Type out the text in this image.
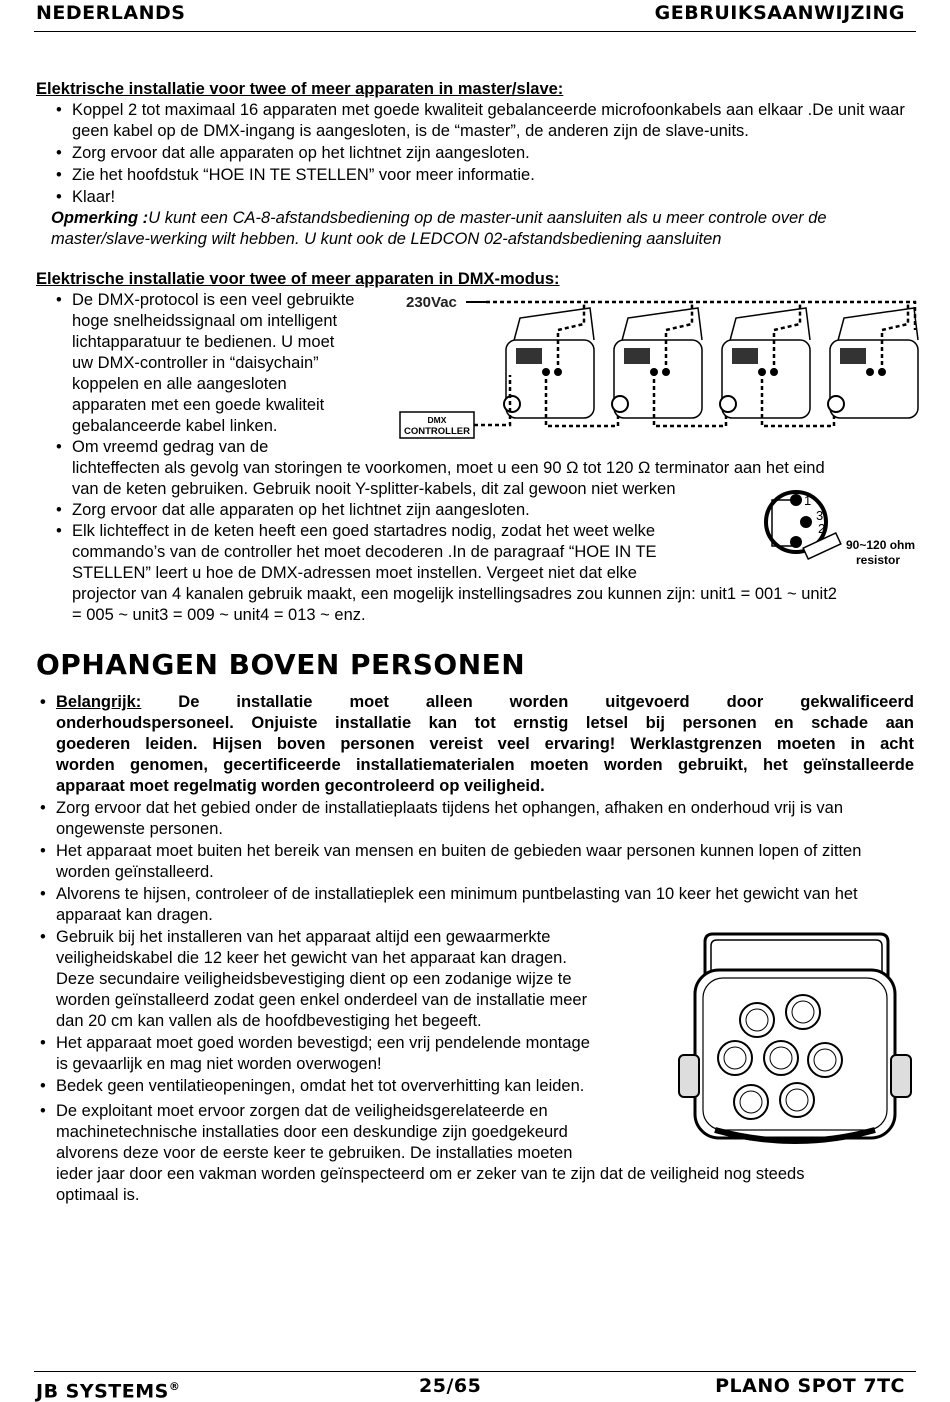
NEDERLANDS	GEBRUIKSAANWIJZING
Elektrische installatie voor twee of meer apparaten in master/slave:
• Koppel 2 tot maximaal 16 apparaten met goede kwaliteit gebalanceerde microfoonkabels aan elkaar .De unit waar geen kabel op de DMX-ingang is aangesloten, is de “master”, de anderen zijn de slave-units.
• Zorg ervoor dat alle apparaten op het lichtnet zijn aangesloten.
• Zie het hoofdstuk “HOE IN TE STELLEN” voor meer informatie.
• Klaar!
Opmerking :U kunt een CA-8-afstandsbediening op de master-unit aansluiten als u meer controle over de master/slave-werking wilt hebben. U kunt ook de LEDCON 02-afstandsbediening aansluiten
Elektrische installatie voor twee of meer apparaten in DMX-modus:
• De DMX-protocol is een veel gebruikte
hoge snelheidssignaal om intelligent
lichtapparatuur te bedienen. U moet
uw DMX-controller in “daisychain”
koppelen en alle aangesloten
apparaten met een goede kwaliteit
gebalanceerde kabel linken.
• Om vreemd gedrag van de
lichteffecten als gevolg van storingen te voorkomen, moet u een 90 Ω tot 120 Ω terminator aan het eind
van de keten gebruiken. Gebruik nooit Y-splitter-kabels, dit zal gewoon niet werken
• Zorg ervoor dat alle apparaten op het lichtnet zijn aangesloten.
• Elk lichteffect in de keten heeft een goed startadres nodig, zodat het weet welke
commando’s van de controller het moet decoderen .In de paragraaf “HOE IN TE
STELLEN” leert u hoe de DMX-adressen moet instellen. Vergeet niet dat elke
projector van 4 kanalen gebruik maakt, een mogelijk instellingsadres zou kunnen zijn: unit1 = 001 ~ unit2
= 005 ~ unit3 = 009 ~ unit4 = 013 ~ enz.
230Vac
DMX
CONTROLLER
1
3
2
90~120 ohm
resistor
OPHANGEN BOVEN PERSONEN
• Belangrijk: De installatie moet alleen worden uitgevoerd door gekwalificeerd
onderhoudspersoneel. Onjuiste installatie kan tot ernstig letsel bij personen en schade aan
goederen leiden. Hijsen boven personen vereist veel ervaring! Werklastgrenzen moeten in acht
worden genomen, gecertificeerde installatiematerialen moeten worden gebruikt, het geïnstalleerde
apparaat moet regelmatig worden gecontroleerd op veiligheid.
• Zorg ervoor dat het gebied onder de installatieplaats tijdens het ophangen, afhaken en onderhoud vrij is van ongewenste personen.
• Het apparaat moet buiten het bereik van mensen en buiten de gebieden waar personen kunnen lopen of zitten worden geïnstalleerd.
• Alvorens te hijsen, controleer of de installatieplek een minimum puntbelasting van 10 keer het gewicht van het apparaat kan dragen.
• Gebruik bij het installeren van het apparaat altijd een gewaarmerkte
veiligheidskabel die 12 keer het gewicht van het apparaat kan dragen.
Deze secundaire veiligheidsbevestiging dient op een zodanige wijze te
worden geïnstalleerd zodat geen enkel onderdeel van de installatie meer
dan 20 cm kan vallen als de hoofdbevestiging het begeeft.
• Het apparaat moet goed worden bevestigd; een vrij pendelende montage
is gevaarlijk en mag niet worden overwogen!
• Bedek geen ventilatieopeningen, omdat het tot oververhitting kan leiden.
• De exploitant moet ervoor zorgen dat de veiligheidsgerelateerde en
machinetechnische installaties door een deskundige zijn goedgekeurd
alvorens deze voor de eerste keer te gebruiken. De installaties moeten
ieder jaar door een vakman worden geïnspecteerd om er zeker van te zijn dat de veiligheid nog steeds
optimaal is.
JB SYSTEMS®	25/65	PLANO SPOT 7TC
